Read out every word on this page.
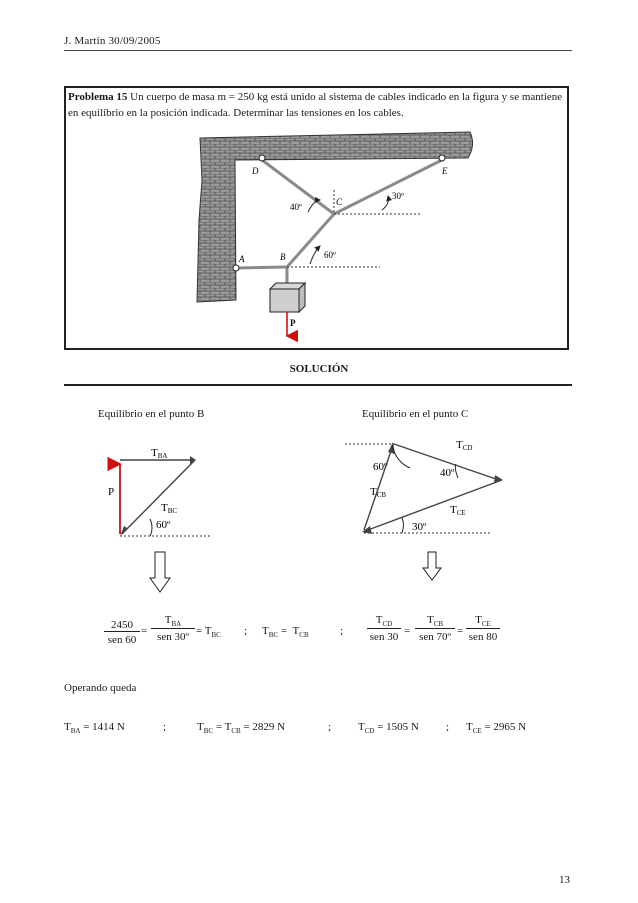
J. Martín 30/09/2005
Problema 15 Un cuerpo de masa m = 250 kg está unido al sistema de cables indicado en la figura y se mantiene en equilibrio en la posición indicada. Determinar las tensiones en los cables.
D	E
C
A	B
P
40º
30º
60º
SOLUCIÓN
Equilibrio en el punto B	Equilibrio en el punto C
P
TBA
TBC
60º
TCD
TCB
TCE
60º	40º
30º
2450
sen 60
=
$T_{BA}$
sen 30º
= $T_{BC}$ ; $T_{BC} = T_{CB}$	;
$T_{CD}$
sen 30
=
$T_{CB}$
sen 70º
=
$T_{CE}$
sen 80
Operando queda
$T_{BA} = 1414$ N	;	$T_{BC} = T_{CB} = 2829$ N	; $T_{CD} = 1505$ N ; $T_{CE} = 2965$ N
13
